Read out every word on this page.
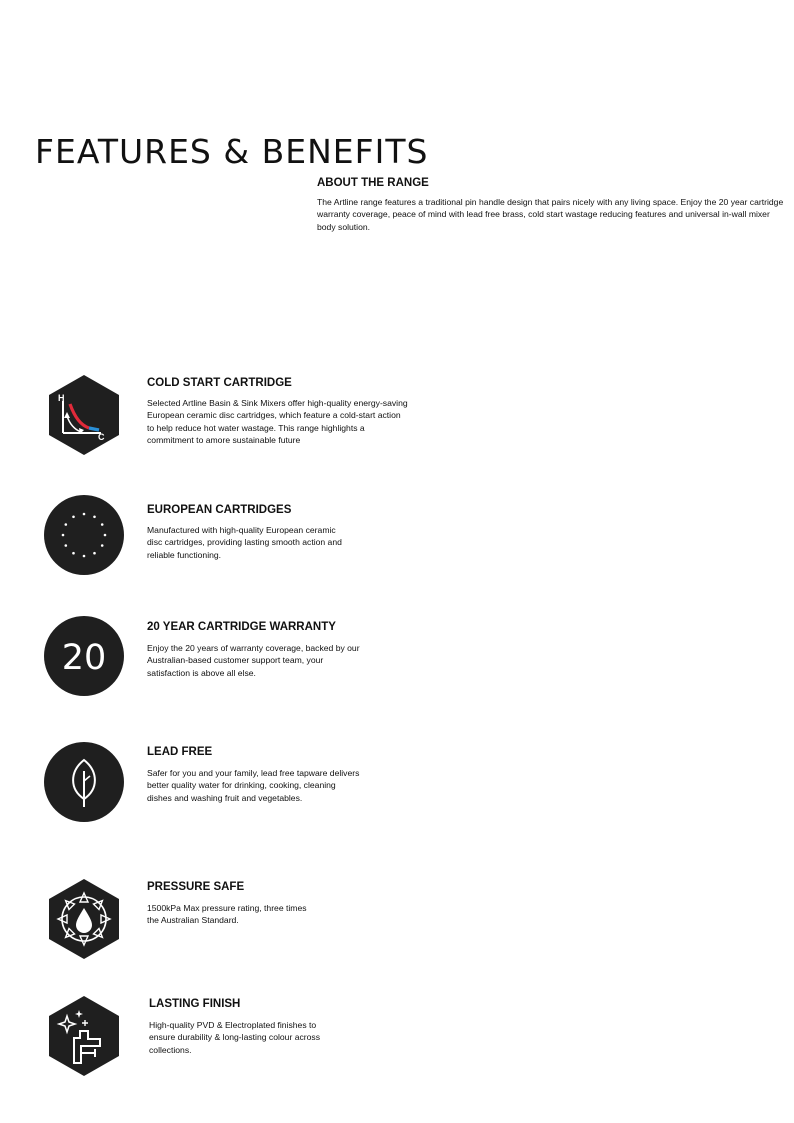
FEATURES & BENEFITS

ABOUT THE RANGE

The Artline range features a traditional pin handle design that pairs nicely with any living space. Enjoy the 20 year cartridge warranty coverage, peace of mind with lead free brass, cold start wastage reducing features and universal in-wall mixer body solution.

H
C

COLD START CARTRIDGE

Selected Artline Basin & Sink Mixers offer high-quality energy-saving European ceramic disc cartridges, which feature a cold-start action to help reduce hot water wastage. This range highlights a commitment to amore sustainable future

EUROPEAN CARTRIDGES

Manufactured with high-quality European ceramic disc cartridges, providing lasting smooth action and reliable functioning.

20

20 YEAR CARTRIDGE WARRANTY

Enjoy the 20 years of warranty coverage, backed by our Australian-based customer support team, your satisfaction is above all else.

LEAD FREE

Safer for you and your family, lead free tapware delivers better quality water for drinking, cooking, cleaning dishes and washing fruit and vegetables.

PRESSURE SAFE

1500kPa Max pressure rating, three times the Australian Standard.

LASTING FINISH

High-quality PVD & Electroplated finishes to ensure durability & long-lasting colour across collections.
